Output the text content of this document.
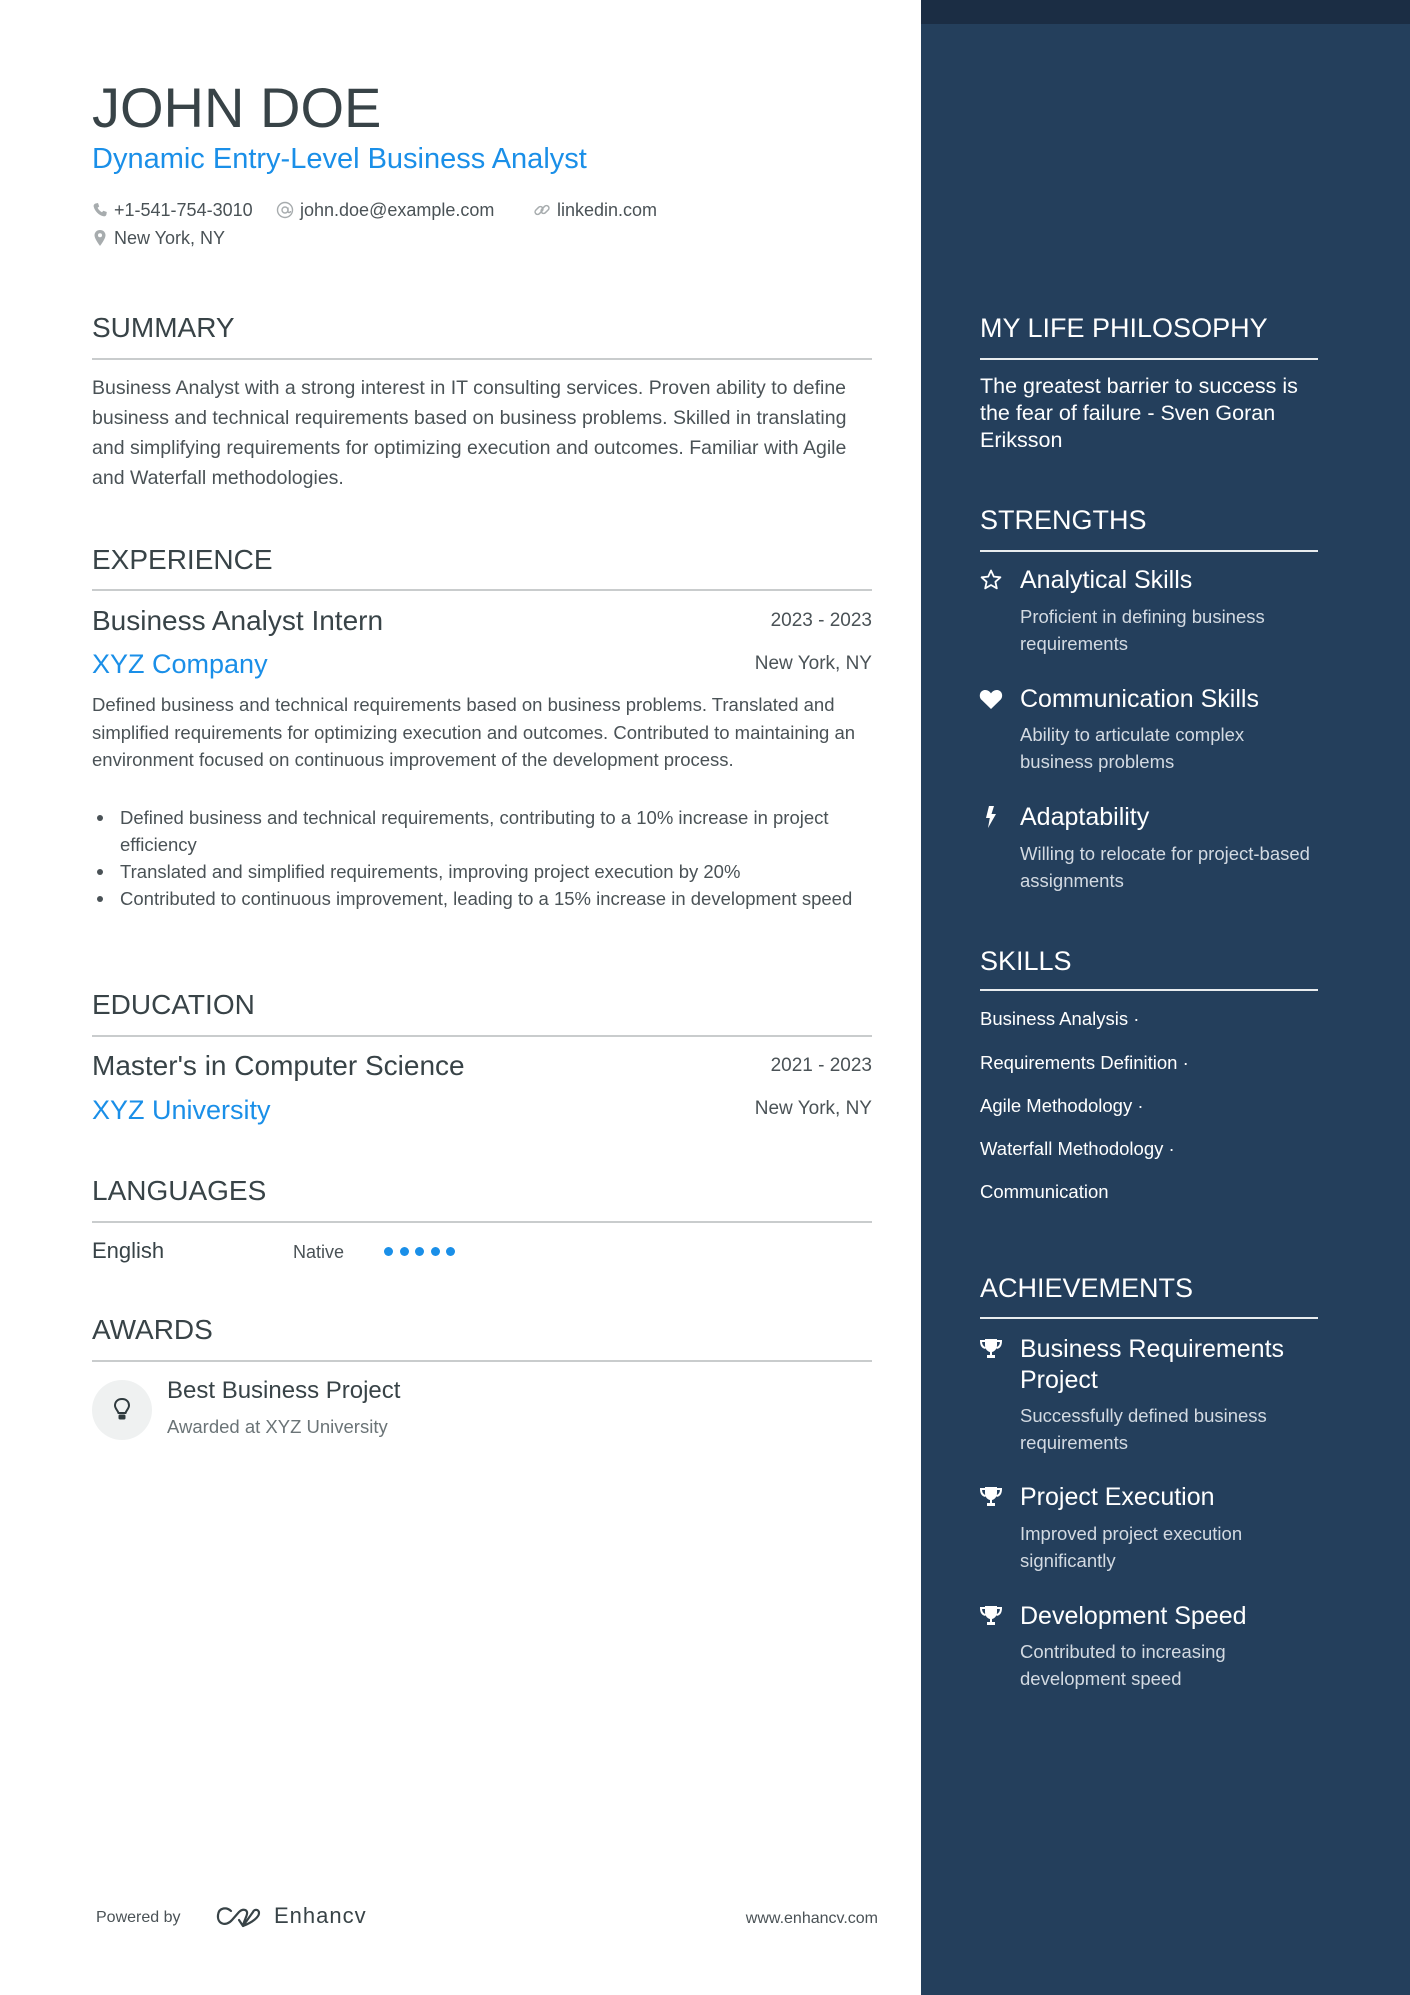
JOHN DOE
Dynamic Entry-Level Business Analyst
+1-541-754-3010	john.doe@example.com	linkedin.com
New York, NY
SUMMARY
Business Analyst with a strong interest in IT consulting services. Proven ability to define business and technical requirements based on business problems. Skilled in translating and simplifying requirements for optimizing execution and outcomes. Familiar with Agile and Waterfall methodologies.
EXPERIENCE
Business Analyst Intern	2023 - 2023
XYZ Company	New York, NY
Defined business and technical requirements based on business problems. Translated and simplified requirements for optimizing execution and outcomes. Contributed to maintaining an environment focused on continuous improvement of the development process.
Defined business and technical requirements, contributing to a 10% increase in project efficiency
Translated and simplified requirements, improving project execution by 20%
Contributed to continuous improvement, leading to a 15% increase in development speed
EDUCATION
Master's in Computer Science	2021 - 2023
XYZ University	New York, NY
LANGUAGES
English	Native
AWARDS
Best Business Project
Awarded at XYZ University
Powered by	Enhancv	www.enhancv.com
MY LIFE PHILOSOPHY
The greatest barrier to success is the fear of failure - Sven Goran Eriksson
STRENGTHS
Analytical Skills
Proficient in defining business requirements
Communication Skills
Ability to articulate complex business problems
Adaptability
Willing to relocate for project-based assignments
SKILLS
Business Analysis ·
Requirements Definition ·
Agile Methodology ·
Waterfall Methodology ·
Communication
ACHIEVEMENTS
Business Requirements Project
Successfully defined business requirements
Project Execution
Improved project execution significantly
Development Speed
Contributed to increasing development speed
